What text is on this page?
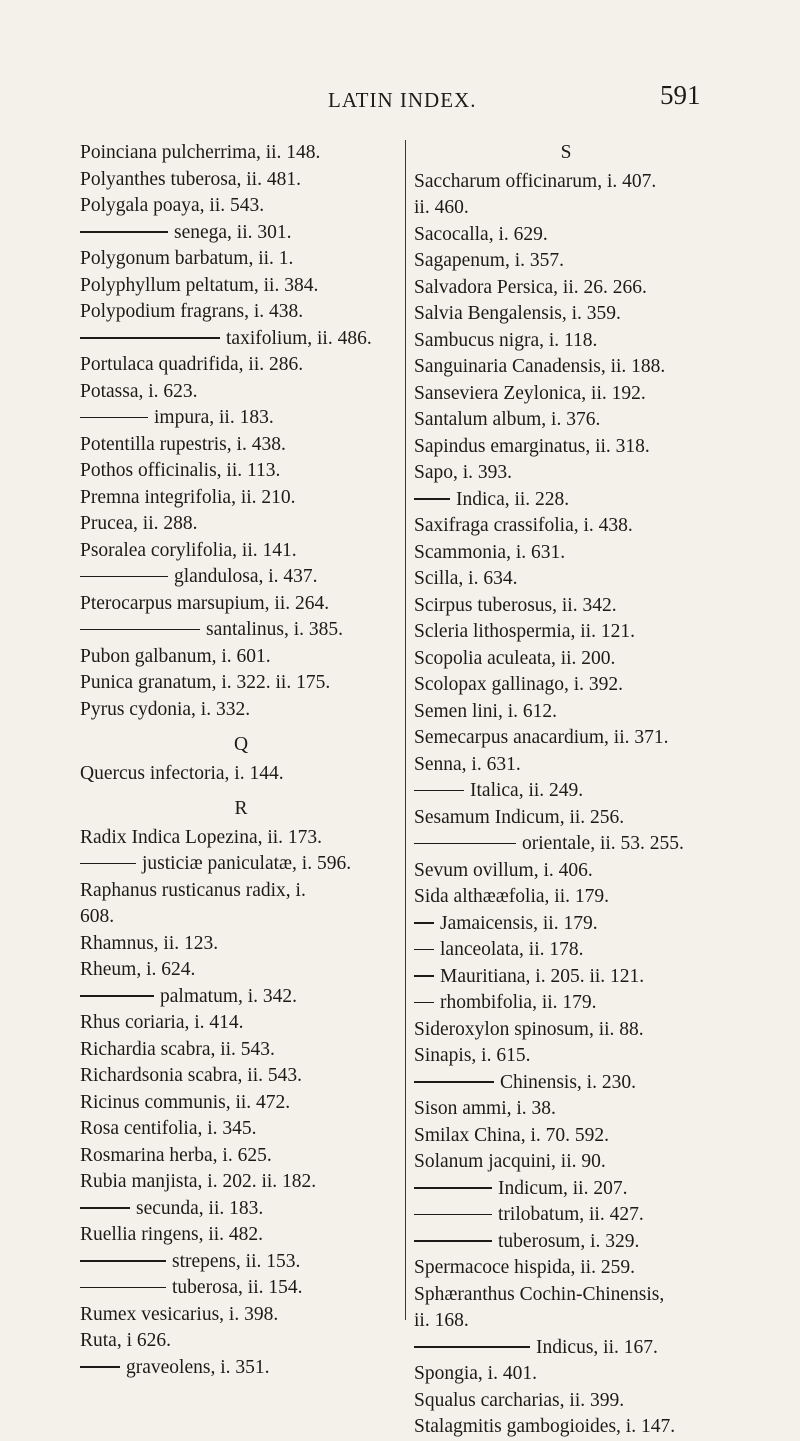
LATIN INDEX.	591
Poinciana pulcherrima, ii. 148.
Polyanthes tuberosa, ii. 481.
Polygala poaya, ii. 543.
senega, ii. 301.
Polygonum barbatum, ii. 1.
Polyphyllum peltatum, ii. 384.
Polypodium fragrans, i. 438.
taxifolium, ii. 486.
Portulaca quadrifida, ii. 286.
Potassa, i. 623.
impura, ii. 183.
Potentilla rupestris, i. 438.
Pothos officinalis, ii. 113.
Premna integrifolia, ii. 210.
Prucea, ii. 288.
Psoralea corylifolia, ii. 141.
glandulosa, i. 437.
Pterocarpus marsupium, ii. 264.
santalinus, i. 385.
Pubon galbanum, i. 601.
Punica granatum, i. 322. ii. 175.
Pyrus cydonia, i. 332.
Q
Quercus infectoria, i. 144.
R
Radix Indica Lopezina, ii. 173.
justiciæ paniculatæ, i. 596.
Raphanus rusticanus radix, i.
608.
Rhamnus, ii. 123.
Rheum, i. 624.
palmatum, i. 342.
Rhus coriaria, i. 414.
Richardia scabra, ii. 543.
Richardsonia scabra, ii. 543.
Ricinus communis, ii. 472.
Rosa centifolia, i. 345.
Rosmarina herba, i. 625.
Rubia manjista, i. 202. ii. 182.
secunda, ii. 183.
Ruellia ringens, ii. 482.
strepens, ii. 153.
tuberosa, ii. 154.
Rumex vesicarius, i. 398.
Ruta, i 626.
graveolens, i. 351.
S
Saccharum officinarum, i. 407.
ii. 460.
Sacocalla, i. 629.
Sagapenum, i. 357.
Salvadora Persica, ii. 26. 266.
Salvia Bengalensis, i. 359.
Sambucus nigra, i. 118.
Sanguinaria Canadensis, ii. 188.
Sanseviera Zeylonica, ii. 192.
Santalum album, i. 376.
Sapindus emarginatus, ii. 318.
Sapo, i. 393.
Indica, ii. 228.
Saxifraga crassifolia, i. 438.
Scammonia, i. 631.
Scilla, i. 634.
Scirpus tuberosus, ii. 342.
Scleria lithospermia, ii. 121.
Scopolia aculeata, ii. 200.
Scolopax gallinago, i. 392.
Semen lini, i. 612.
Semecarpus anacardium, ii. 371.
Senna, i. 631.
Italica, ii. 249.
Sesamum Indicum, ii. 256.
orientale, ii. 53. 255.
Sevum ovillum, i. 406.
Sida althææfolia, ii. 179.
Jamaicensis, ii. 179.
lanceolata, ii. 178.
Mauritiana, i. 205. ii. 121.
rhombifolia, ii. 179.
Sideroxylon spinosum, ii. 88.
Sinapis, i. 615.
Chinensis, i. 230.
Sison ammi, i. 38.
Smilax China, i. 70. 592.
Solanum jacquini, ii. 90.
Indicum, ii. 207.
trilobatum, ii. 427.
tuberosum, i. 329.
Spermacoce hispida, ii. 259.
Sphæranthus Cochin-Chinensis,
ii. 168.
Indicus, ii. 167.
Spongia, i. 401.
Squalus carcharias, ii. 399.
Stalagmitis gambogioides, i. 147.
